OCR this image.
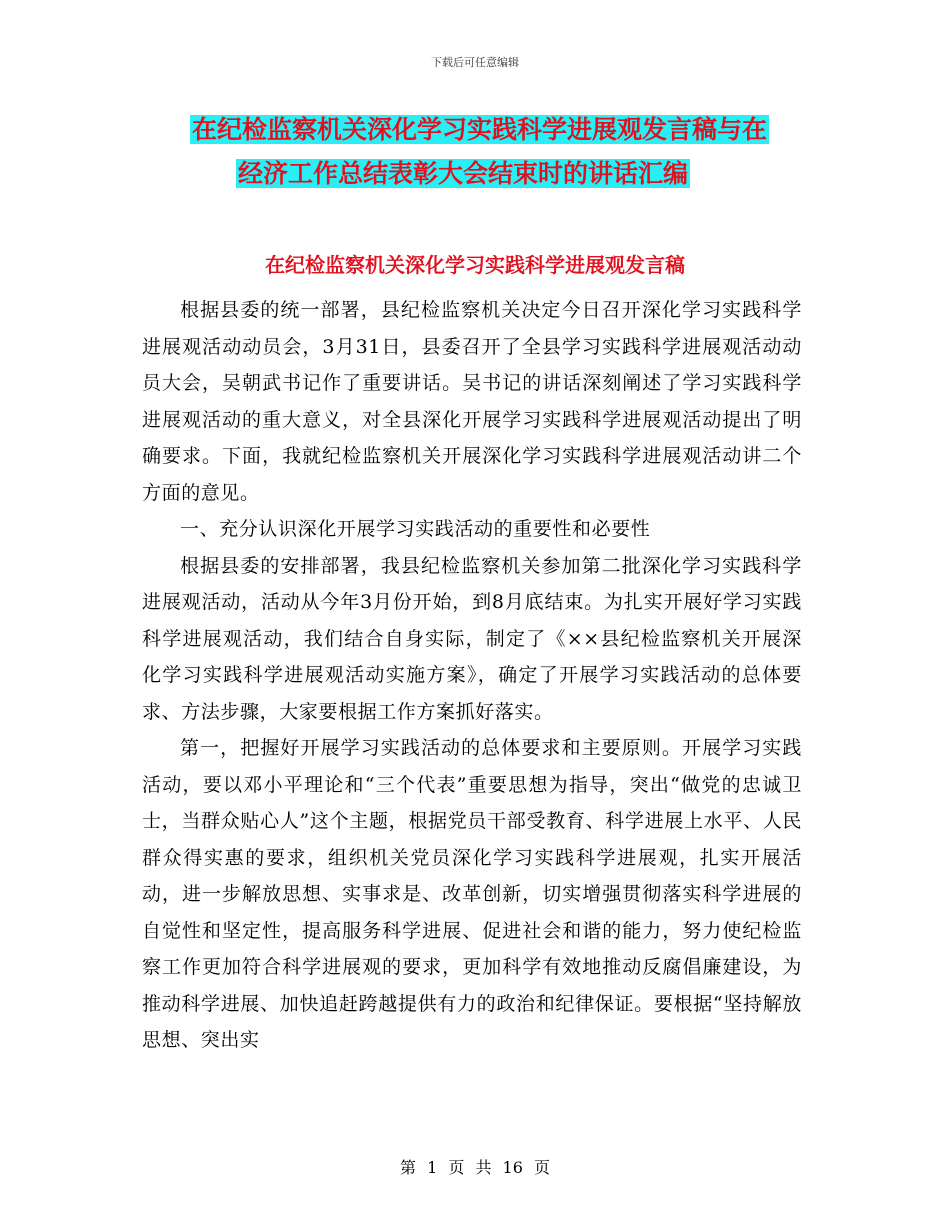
下载后可任意编辑
在纪检监察机关深化学习实践科学进展观发言稿与在
经济工作总结表彰大会结束时的讲话汇编
在纪检监察机关深化学习实践科学进展观发言稿

根据县委的统一部署，县纪检监察机关决定今日召开深化学习实践科学进展观活动动员会，3月31日，县委召开了全县学习实践科学进展观活动动员大会，吴朝武书记作了重要讲话。吴书记的讲话深刻阐述了学习实践科学进展观活动的重大意义，对全县深化开展学习实践科学进展观活动提出了明确要求。下面，我就纪检监察机关开展深化学习实践科学进展观活动讲二个方面的意见。

一、充分认识深化开展学习实践活动的重要性和必要性

根据县委的安排部署，我县纪检监察机关参加第二批深化学习实践科学进展观活动，活动从今年3月份开始，到8月底结束。为扎实开展好学习实践科学进展观活动，我们结合自身实际，制定了《××县纪检监察机关开展深化学习实践科学进展观活动实施方案》，确定了开展学习实践活动的总体要求、方法步骤，大家要根据工作方案抓好落实。

第一，把握好开展学习实践活动的总体要求和主要原则。开展学习实践活动，要以邓小平理论和“三个代表”重要思想为指导，突出“做党的忠诚卫士，当群众贴心人”这个主题，根据党员干部受教育、科学进展上水平、人民群众得实惠的要求，组织机关党员深化学习实践科学进展观，扎实开展活动，进一步解放思想、实事求是、改革创新，切实增强贯彻落实科学进展的自觉性和坚定性，提高服务科学进展、促进社会和谐的能力，努力使纪检监察工作更加符合科学进展观的要求，更加科学有效地推动反腐倡廉建设，为推动科学进展、加快追赶跨越提供有力的政治和纪律保证。要根据“坚持解放思想、突出实

第 1 页 共 16 页
